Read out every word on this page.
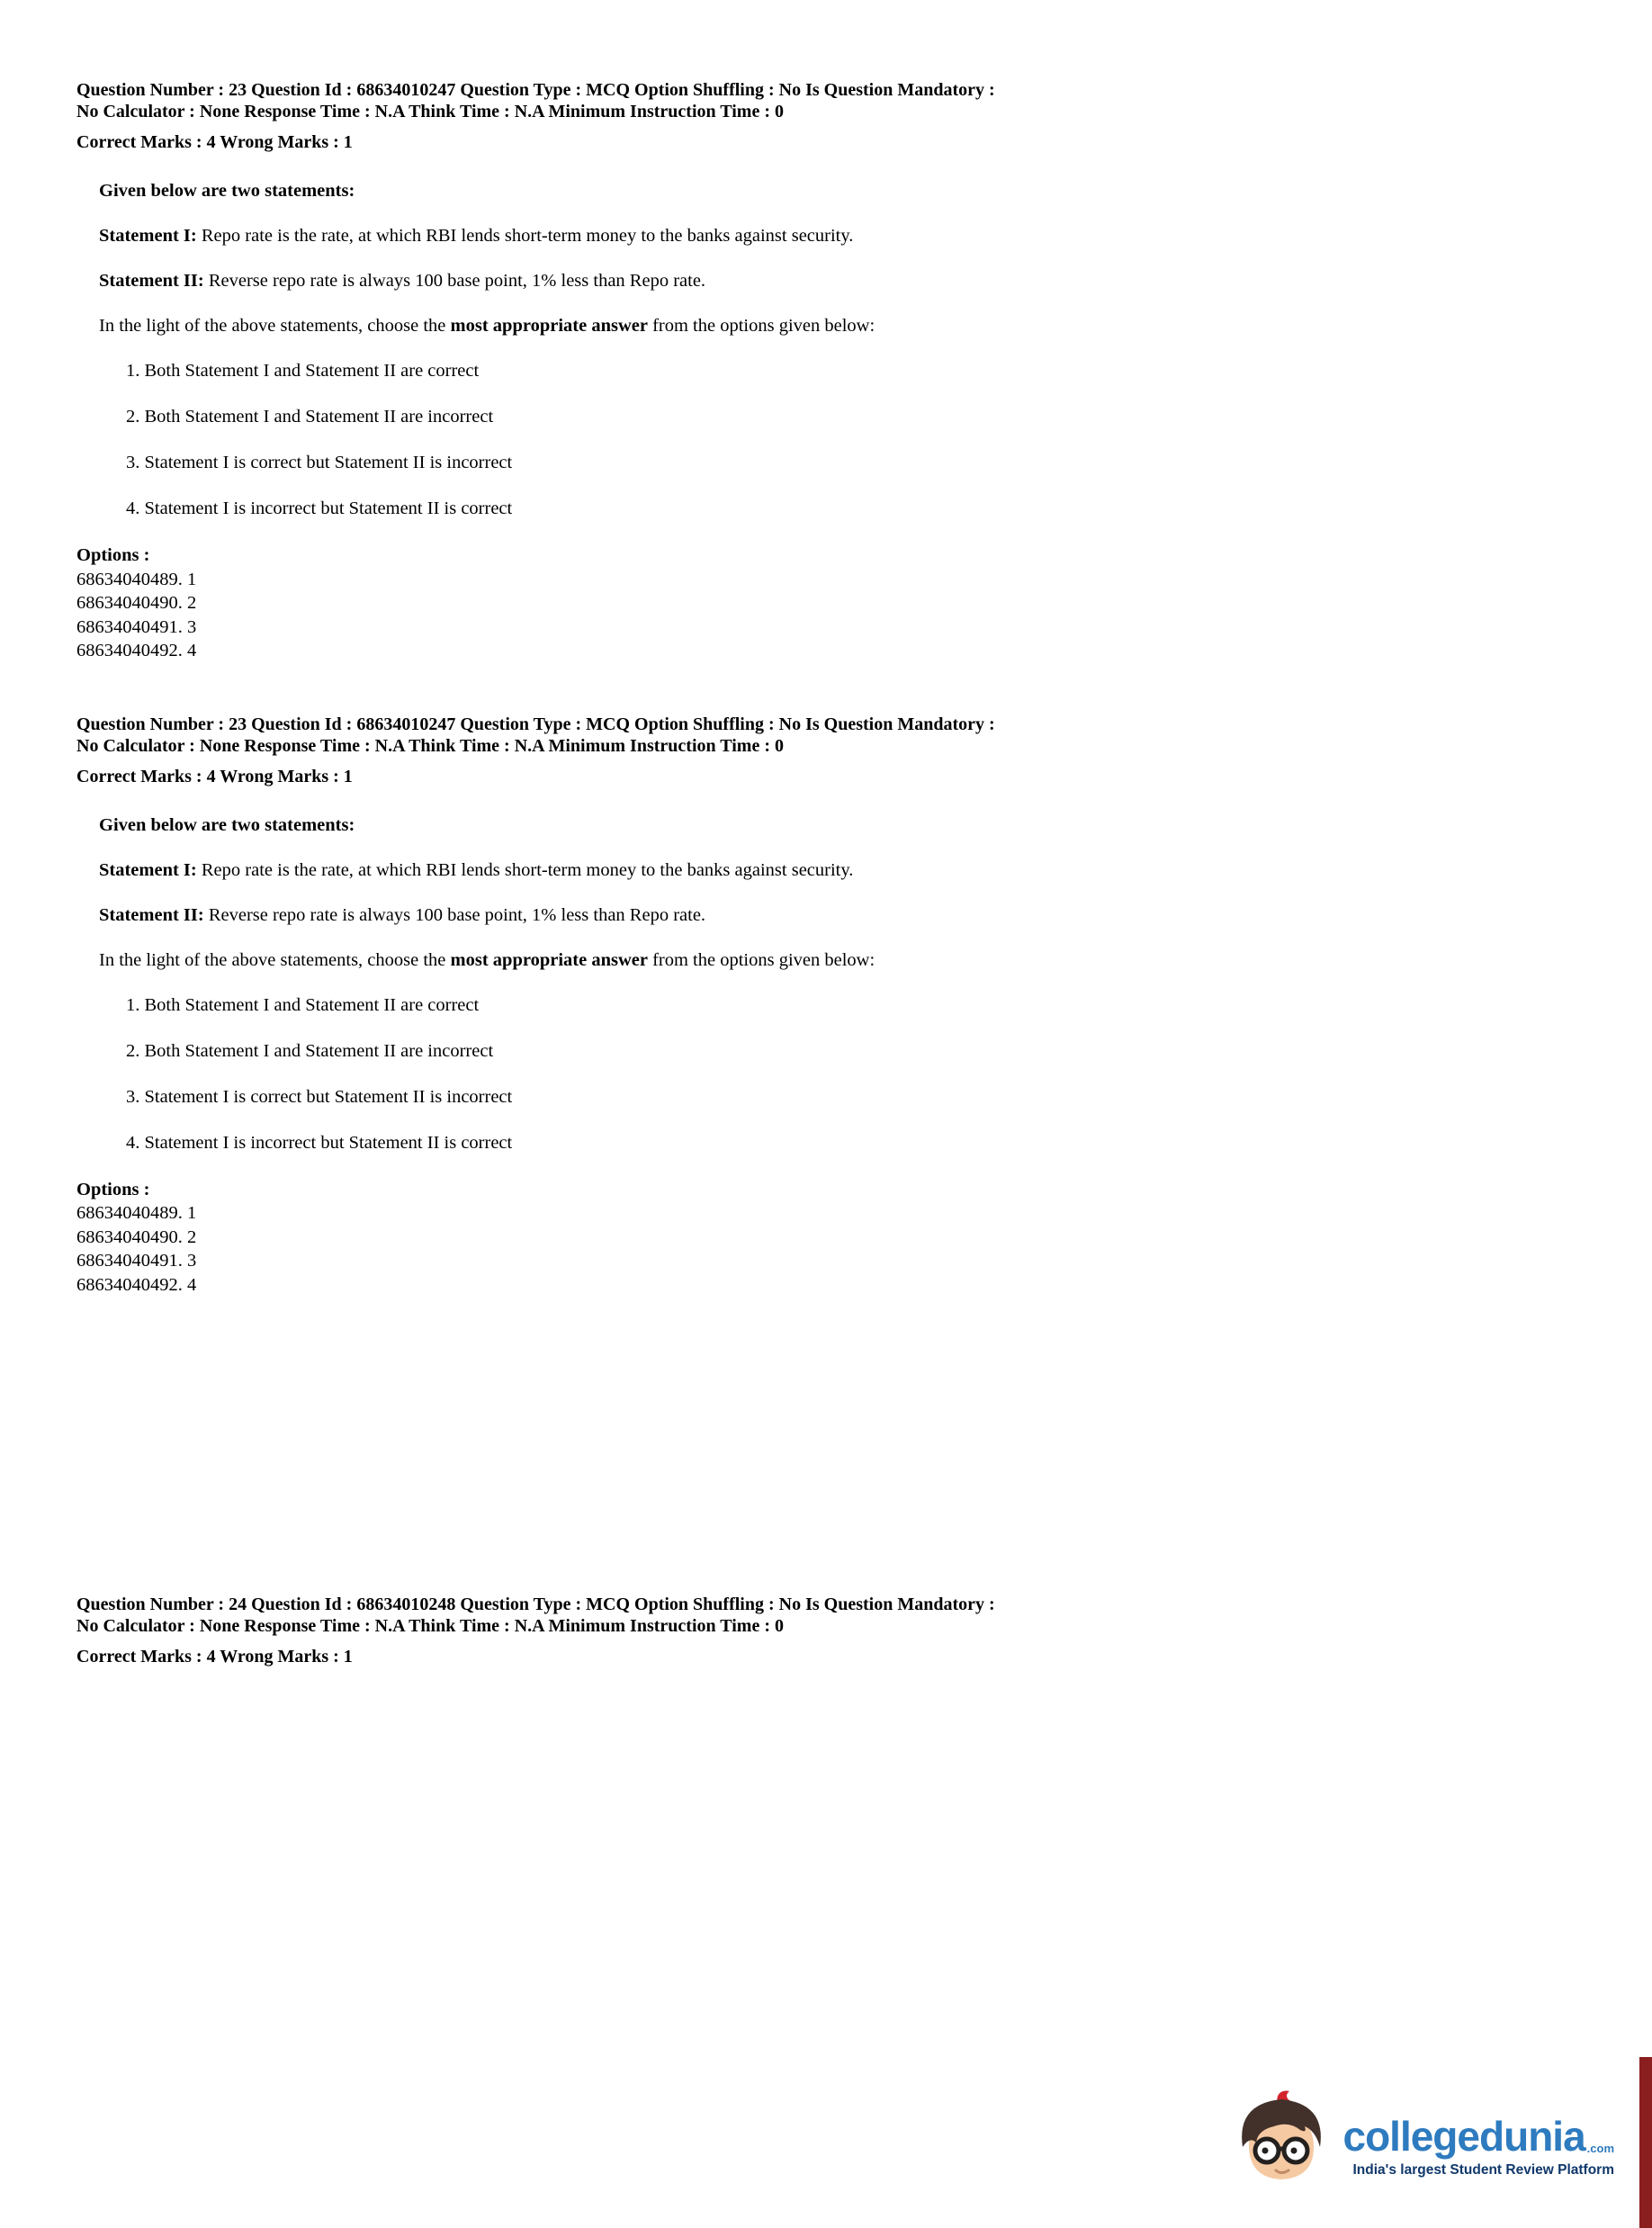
Question Number : 23 Question Id : 68634010247 Question Type : MCQ Option Shuffling : No Is Question Mandatory :
No Calculator : None Response Time : N.A Think Time : N.A Minimum Instruction Time : 0
Correct Marks : 4 Wrong Marks : 1

Given below are two statements:

Statement I: Repo rate is the rate, at which RBI lends short-term money to the banks against security.

Statement II: Reverse repo rate is always 100 base point, 1% less than Repo rate.

In the light of the above statements, choose the most appropriate answer from the options given below:

1. Both Statement I and Statement II are correct

2. Both Statement I and Statement II are incorrect

3. Statement I is correct but Statement II is incorrect

4. Statement I is incorrect but Statement II is correct

Options :
68634040489. 1
68634040490. 2
68634040491. 3
68634040492. 4
Question Number : 23 Question Id : 68634010247 Question Type : MCQ Option Shuffling : No Is Question Mandatory :
No Calculator : None Response Time : N.A Think Time : N.A Minimum Instruction Time : 0
Correct Marks : 4 Wrong Marks : 1

Given below are two statements:

Statement I: Repo rate is the rate, at which RBI lends short-term money to the banks against security.

Statement II: Reverse repo rate is always 100 base point, 1% less than Repo rate.

In the light of the above statements, choose the most appropriate answer from the options given below:

1. Both Statement I and Statement II are correct

2. Both Statement I and Statement II are incorrect

3. Statement I is correct but Statement II is incorrect

4. Statement I is incorrect but Statement II is correct

Options :
68634040489. 1
68634040490. 2
68634040491. 3
68634040492. 4
Question Number : 24 Question Id : 68634010248 Question Type : MCQ Option Shuffling : No Is Question Mandatory :
No Calculator : None Response Time : N.A Think Time : N.A Minimum Instruction Time : 0
Correct Marks : 4 Wrong Marks : 1
collegedunia .com
India's largest Student Review Platform
